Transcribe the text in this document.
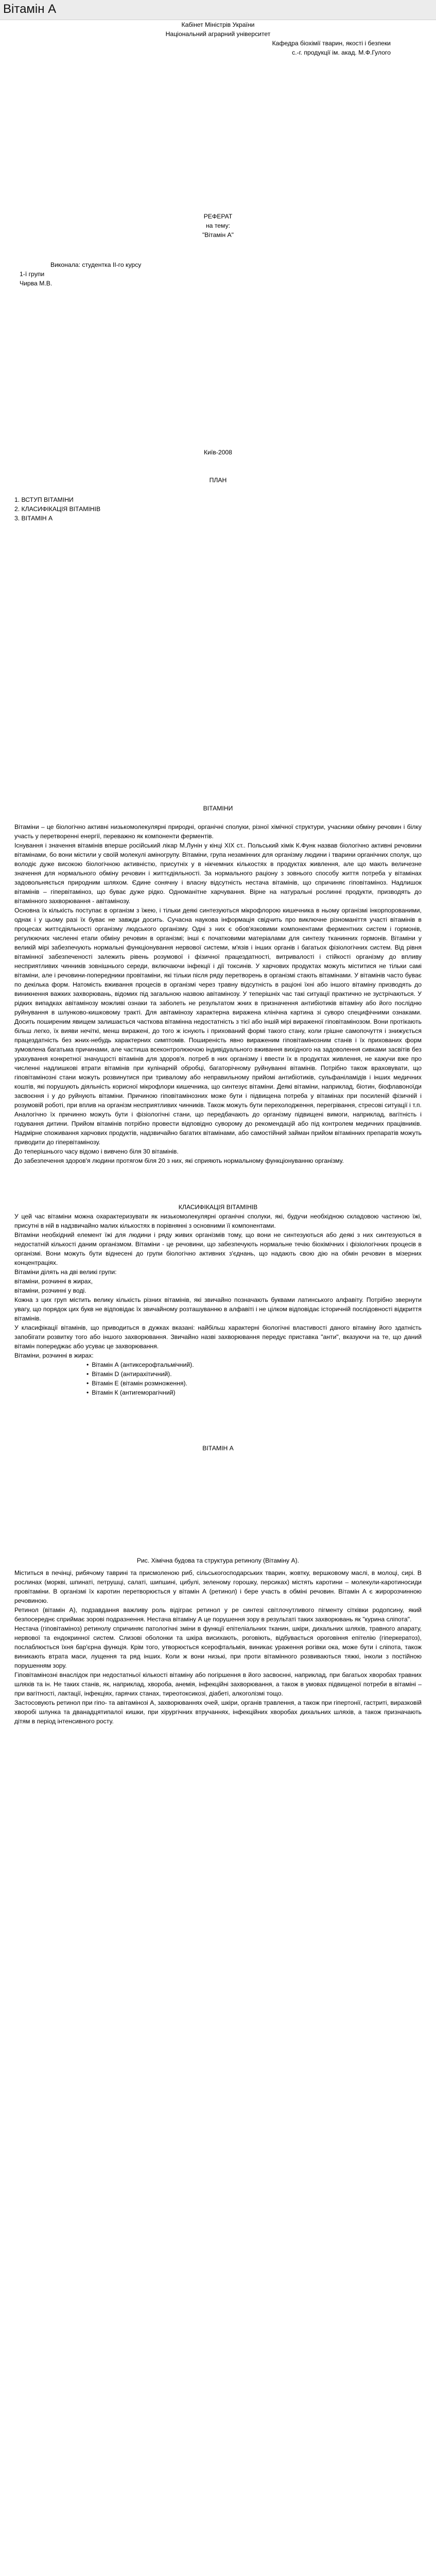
Вітамін А

Кабінет Міністрів України

Національний аграрний університет

Кафедра біохімії тварин, якості і безпеки

с.-г. продукції ім. акад. М.Ф.Гулого

РЕФЕРАТ

на тему:

"Вітамін А"

Виконала: студентка ІІ-го курсу

1-ї групи

Чирва М.В.

Київ-2008

ПЛАН

1. ВСТУП ВІТАМІНИ

2. КЛАСИФІКАЦІЯ ВІТАМІНІВ

3. ВІТАМІН А

ВІТАМІНИ

Вітаміни – це біологічно активні низькомолекулярні природні, органічні сполуки, різної хімічної структури, учасники обміну речовин і білку участь у перетворенні енергії, переважно як компоненти ферментів.

Існування і значення вітамінів вперше російський лікар М.Лунін у кінці ХІХ ст.. Польський хімік К.Функ назвав біологічно активні речовини вітамінами, бо вони містили у своїй молекулі аміногрупу. Вітаміни, група незамінних для організму людини і тварини органічних сполук, що володіє дуже високою біологічною активністю, присутніх у в нікчемних кількостях в продуктах живлення, але що мають величезне значення для нормального обміну речовин і життєдіяльності. За нормального раціону з зовнього способу життя потреба у вітамінах задовольняється природним шляхом. Єдине сонячну і власну відсутність нестача вітамінів, що спричиняє гіповітаміноз. Надлишок вітамінів – гіпервітаміноз, що буває дуже рідко. Одноманітне харчування. Вірне на натуральні рослинні продукти, призводять до вітамінного захворювання - авітамінозу.

Основна їх кількість поступає в організм з їжею, і тільки деякі синтезуються мікрофлорою кишечника в ньому організмі інкорпорованими, однак і у цьому разі їх буває не завжди досить. Сучасна наукова інформація свідчить про виключне різноманіття участі вітамінів в процесах життєдіяльності організму людського організму. Одні з них є обов'язковими компонентами ферментних систем і гормонів, регулюючих численні етапи обміну речовин в організмі; інші є початковими матеріалами для синтезу тканинних гормонів. Вітаміни у великій мірі забезпечують нормальні функціонування нервової системи, м'язів і інших органів і багатьох фізіологічних систем. Від рівня вітамінної забезпеченості залежить рівень розумової і фізичної працездатності, витривалості і стійкості організму до впливу несприятливих чинників зовнішнього середи, включаючи інфекції і дії токсинів. У харчових продуктах можуть міститися не тільки самі вітаміни, але і речовини-попередники провітаміни, які тільки після ряду перетворень в організмі стають вітамінами. У вітамінів часто буває по декілька форм. Натомість вживання процесів в організмі через травну відсутність в раціоні їхні або іншого вітаміну призводять до виникнення важких захворювань, відомих під загальною назвою авітамінозу. У теперішніх час такі ситуації практично не зустрічаються. У рідких випадках авітамінозу можливі ознаки та заболеть не результатом жних в призначення антибіотиків вітаміну або його послідню руйнування в шлунково-кишковому тракті. Для авітамінозу характерна виражена клінічна картина зі суворо специфічними ознаками. Досить поширеним явищем залишається часткова вітамінна недостатність з тієї або іншій мірі вираженої гіповітамінозом. Вони протікають більш легко, їх вияви нечіткі, менш виражені, до того ж існують і прихований формі такого стану, коли грішне самопочуття і знижується працездатність без жних-небудь характерних симптомів. Поширеність явно вираженим гіповітамінозним станів і їх прихованих форм зумовлена багатьма причинами, але частиша всеконтролюючою індивідуального вживання вихідного на задоволення сивками засвітів без урахування конкретної значущості вітамінів для здоров'я. потреб в них організму і ввести їх в продуктах живлення, не кажучи вже про численні надлишкові втрати вітамінів при кулінарній обробці, багаторічному руйнуванні вітамінів. Потрібно також враховувати, що гіповітамінозні стани можуть розвинутися при тривалому або неправильному прийомі антибіотиків, сульфаніламідів і інших медичних коштів, які порушують діяльність корисної мікрофлори кишечника, що синтезує вітаміни. Деякі вітаміни, наприклад, біотин, біофлавоноїди засвоєння і у до руйнують вітаміни. Причиною гіповітамінозних може бути і підвищена потреба у вітамінах при посиленій фізичній і розумовій роботі, при вплив на організм несприятливих чинників. Також можуть бути перехолодження, перегрівання, стресові ситуації і т.п. Аналогічно їх причинно можуть бути і фізіологічні стани, що передбачають до організму підвищені вимоги, наприклад, вагітність і годування дитини. Прийом вітамінів потрібно провести відповідно суворому до рекомендацій або під контролем медичних працівників. Надмірне споживання харчових продуктів, надзвичайно багатих вітамінами, або самостійний займан прийом вітамінних препаратів можуть приводити до гіпервітамінозу.

До теперішнього часу відомо і вивчено біля 30 вітамінів.

До забезпечення здоров'я людини протягом біля 20 з них, які сприяють нормальному функціонуванню організму.

КЛАСИФІКАЦІЯ ВІТАМІНІВ

У цей час вітаміни можна охарактеризувати як низькомолекулярні органічні сполуки, які, будучи необхідною складовою частиною їжі, присутні в ній в надзвичайно малих кількостях в порівнянні з основними її компонентами.

Вітаміни необхідний елемент їжі для людини і ряду живих організмів тому, що вони не синтезуються або деякі з них синтезуються в недостатній кількості даним організмом. Вітаміни - це речовини, що забезпечують нормальне течію біохімічних і фізіологічних процесів в організмі. Вони можуть бути віднесені до групи біологічно активних з'єднань, що надають свою дію на обмін речовин в мізерних концентраціях.

Вітаміни ділять на дві великі групи:

вітаміни, розчинні в жирах,

вітаміни, розчинні у воді.

Кожна з цих груп містить велику кількість різних вітамінів, які звичайно позначають буквами латинського алфавіту. Потрібно звернути увагу, що порядок цих букв не відповідає їх звичайному розташуванню в алфавіті і не цілком відповідає історичній послідовності відкриття вітамінів.

У класифікації вітамінів, що приводиться в дужках вказані: найбільш характерні біологічні властивості даного вітаміну його здатність запобігати розвитку того або іншого захворювання. Звичайно назві захворювання передує приставка "анти", вказуючи на те, що даний вітамін попереджає або усуває це захворювання.

Вітаміни, розчинні в жирах:

• Вітамін А (антиксерофтальмічний).
• Вітамін D (антирахітичний).
• Вітамін Е (вітамін розмноження).
• Вітамін К (антигеморагічний)

ВІТАМІН А

Рис. Хімічна будова та структура ретинолу (Вітаміну А).

Міститься в печінці, рибячому таврині та присмоленою риб, сільськогосподарських тварин, жовтку, вершковому маслі, в молоці, сирі. В рослинах (моркві, шпинаті, петрушці, салаті, шипшині, цибулі, зеленому горошку, персиках) містять каротини – молекули-каротиносиди провітаміни. В організмі їх каротин перетворюється у вітамін А (ретинол) і бере участь в обміні речовин. Вітамін А є жиророзчинною речовиною.

Ретинол (вітамін А), подзавдання важливу роль відіграє ретинол у ре синтезі світлочутливого пігменту сітківки родопсину, який безпосереднє сприймає зорові подразнення. Нестача вітаміну А це порушення зору в результаті таких захворювань як "курина сліпота".

Нестача (гіповітаміноз) ретинолу спричиняє патологічні зміни в функції епітеліальних тканин, шкіри, дихальних шляхів, травного апарату, нервової та ендокринної систем. Слизові оболонки та шкіра висихають, роговіють, відбувається ороговіння епітелію (гіперкератоз), послаблюється їхня бар'єрна функція. Крім того, утворюється ксерофтальмія, виникає ураження рогівки ока, може бути і сліпота, також виникають втрата маси, лущення та ряд інших. Коли ж вони низькі, при проти вітамінного розвиваються тяжкі, інколи з постійною порушенням зору.

Гіповітамінозні внаслідок при недостатньої кількості вітаміну або погіршення в його засвоєнні, наприклад, при багатьох хворобах травних шляхів та ін. Не таких станів, як, наприклад, хвороба, анемія, інфекційні захворювання, а також в умовах підвищеної потреби в вітаміні – при вагітності, лактації, інфекціях, гарячих станах, тиреотоксикозі, діабеті, алкоголізмі тощо.

Застосовують ретинол при гіпо- та авітамінозі А, захворюваннях очей, шкіри, органів травлення, а також при гіпертонії, гастриті, виразковій хворобі шлунка та дванадцятипалої кишки, при хірургічних втручаннях, інфекційних хворобах дихальних шляхів, а також призначають дітям в період інтенсивного росту.
